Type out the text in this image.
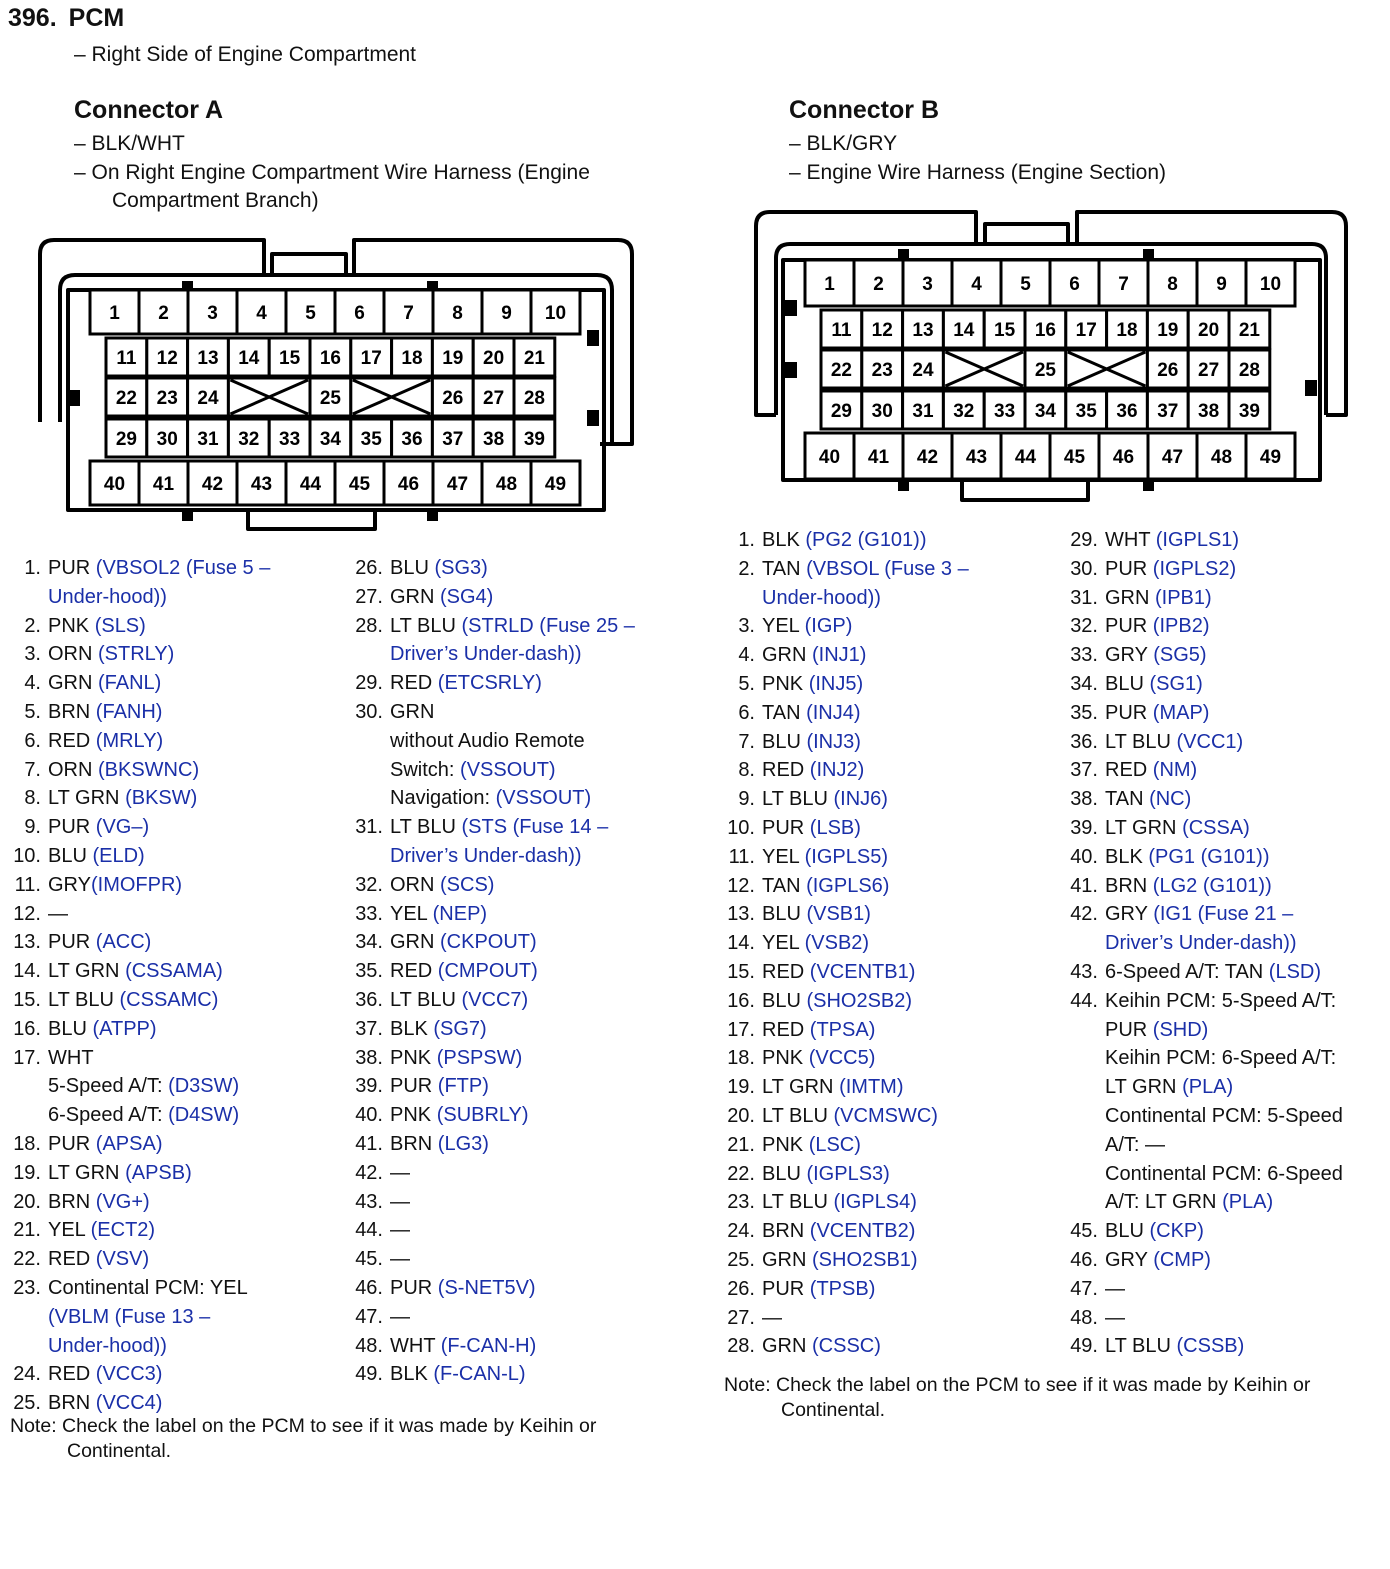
396. PCM

– Right Side of Engine Compartment

Connector A

– BLK/WHT

– On Right Engine Compartment Wire Harness (Engine

Compartment Branch)

Connector B

– BLK/GRY

– Engine Wire Harness (Engine Section)

1 2 3 4 5 6 7 8 9 10
11 12 13 14 15 16 17 18 19 20 21
22 23 24	25	26 27 28
29 30 31 32 33 34 35 36 37 38 39
40 41 42 43 44 45 46 47 48 49
1 2 3 4 5 6 7 8 9 10
11 12 13 14 15 16 17 18 19 20 21
22 23 24	25	26 27 28
29 30 31 32 33 34 35 36 37 38 39
40 41 42 43 44 45 46 47 48 49
1. PUR (VBSOL2 (Fuse 5 –
Under-hood))
2. PNK (SLS)
3. ORN (STRLY)
4. GRN (FANL)
5. BRN (FANH)
6. RED (MRLY)
7. ORN (BKSWNC)
8. LT GRN (BKSW)
9. PUR (VG–)
10. BLU (ELD)
11. GRY(IMOFPR)
12. —
13. PUR (ACC)
14. LT GRN (CSSAMA)
15. LT BLU (CSSAMC)
16. BLU (ATPP)
17. WHT
5-Speed A/T: (D3SW)
6-Speed A/T: (D4SW)
18. PUR (APSA)
19. LT GRN (APSB)
20. BRN (VG+)
21. YEL (ECT2)
22. RED (VSV)
23. Continental PCM: YEL
(VBLM (Fuse 13 –
Under-hood))
24. RED (VCC3)
25. BRN (VCC4)
26. BLU (SG3)
27. GRN (SG4)
28. LT BLU (STRLD (Fuse 25 –
Driver’s Under-dash))
29. RED (ETCSRLY)
30. GRN
without Audio Remote
Switch: (VSSOUT)
Navigation: (VSSOUT)
31. LT BLU (STS (Fuse 14 –
Driver’s Under-dash))
32. ORN (SCS)
33. YEL (NEP)
34. GRN (CKPOUT)
35. RED (CMPOUT)
36. LT BLU (VCC7)
37. BLK (SG7)
38. PNK (PSPSW)
39. PUR (FTP)
40. PNK (SUBRLY)
41. BRN (LG3)
42. —
43. —
44. —
45. —
46. PUR (S-NET5V)
47. —
48. WHT (F-CAN-H)
49. BLK (F-CAN-L)
Note: Check the label on the PCM to see if it was made by Keihin or
Continental.
1. BLK (PG2 (G101))
2. TAN (VBSOL (Fuse 3 –
Under-hood))
3. YEL (IGP)
4. GRN (INJ1)
5. PNK (INJ5)
6. TAN (INJ4)
7. BLU (INJ3)
8. RED (INJ2)
9. LT BLU (INJ6)
10. PUR (LSB)
11. YEL (IGPLS5)
12. TAN (IGPLS6)
13. BLU (VSB1)
14. YEL (VSB2)
15. RED (VCENTB1)
16. BLU (SHO2SB2)
17. RED (TPSA)
18. PNK (VCC5)
19. LT GRN (IMTM)
20. LT BLU (VCMSWC)
21. PNK (LSC)
22. BLU (IGPLS3)
23. LT BLU (IGPLS4)
24. BRN (VCENTB2)
25. GRN (SHO2SB1)
26. PUR (TPSB)
27. —
28. GRN (CSSC)
29. WHT (IGPLS1)
30. PUR (IGPLS2)
31. GRN (IPB1)
32. PUR (IPB2)
33. GRY (SG5)
34. BLU (SG1)
35. PUR (MAP)
36. LT BLU (VCC1)
37. RED (NM)
38. TAN (NC)
39. LT GRN (CSSA)
40. BLK (PG1 (G101))
41. BRN (LG2 (G101))
42. GRY (IG1 (Fuse 21 –
Driver’s Under-dash))
43. 6-Speed A/T: TAN (LSD)
44. Keihin PCM: 5-Speed A/T:
PUR (SHD)
Keihin PCM: 6-Speed A/T:
LT GRN (PLA)
Continental PCM: 5-Speed
A/T: —
Continental PCM: 6-Speed
A/T: LT GRN (PLA)
45. BLU (CKP)
46. GRY (CMP)
47. —
48. —
49. LT BLU (CSSB)
Note: Check the label on the PCM to see if it was made by Keihin or
Continental.
